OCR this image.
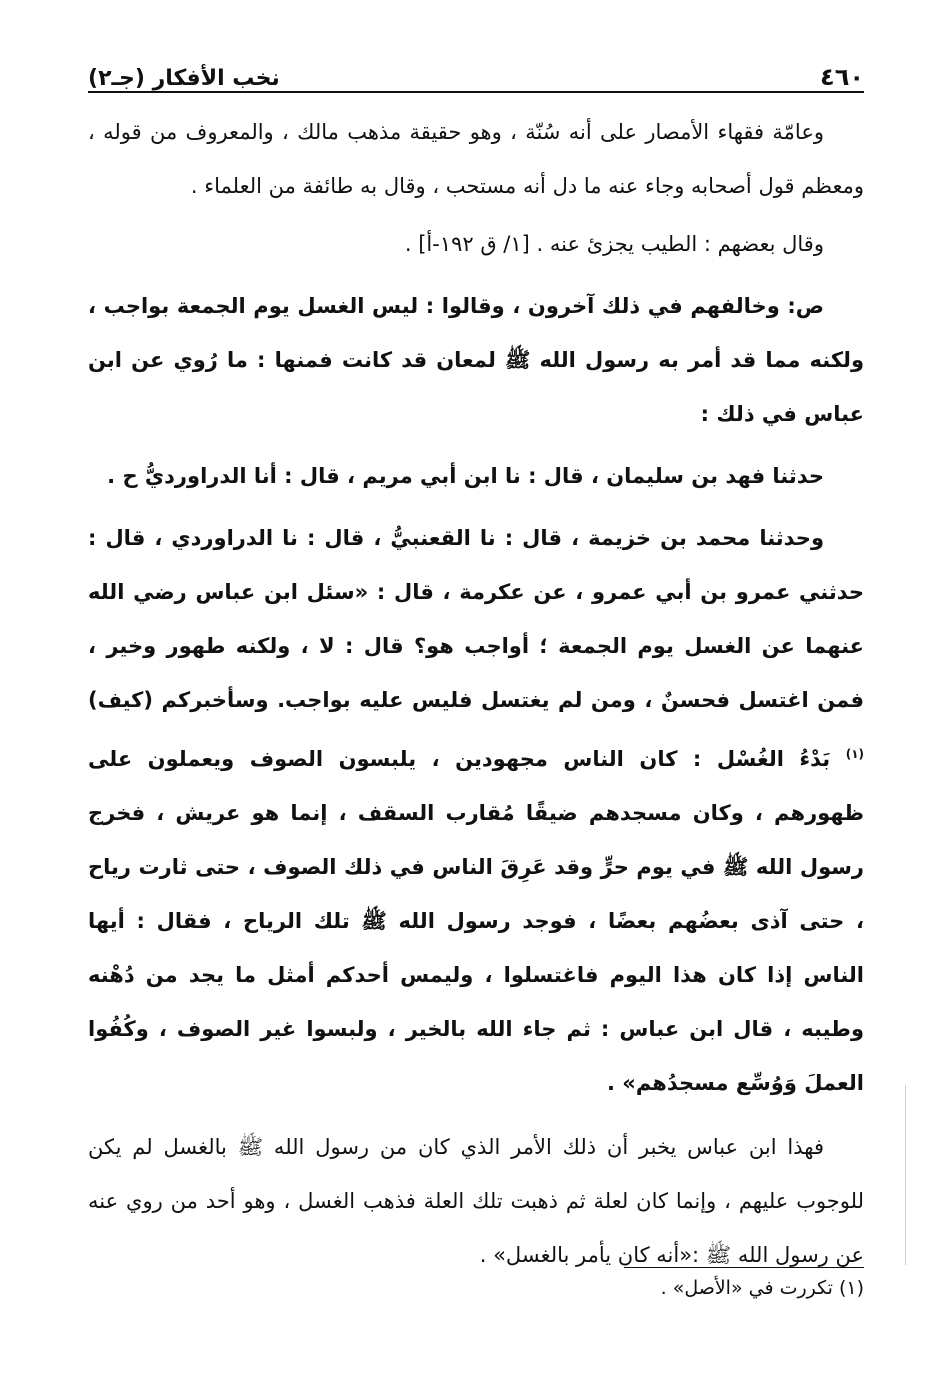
٤٦٠
نخب الأفكار (جـ٢)

وعامّة فقهاء الأمصار على أنه سُنّة ، وهو حقيقة مذهب مالك ، والمعروف من قوله ، ومعظم قول أصحابه وجاء عنه ما دل أنه مستحب ، وقال به طائفة من العلماء .

وقال بعضهم : الطيب يجزئ عنه . [١/ ق ١٩٢-أ] .

ص: وخالفهم في ذلك آخرون ، وقالوا : ليس الغسل يوم الجمعة بواجب ، ولكنه مما قد أمر به رسول الله ﷺ لمعان قد كانت فمنها : ما رُوي عن ابن عباس في ذلك :

حدثنا فهد بن سليمان ، قال : نا ابن أبي مريم ، قال : أنا الدراورديُّ ح .

وحدثنا محمد بن خزيمة ، قال : نا القعنبيُّ ، قال : نا الدراوردي ، قال : حدثني عمرو بن أبي عمرو ، عن عكرمة ، قال : «سئل ابن عباس رضي الله عنهما عن الغسل يوم الجمعة ؛ أواجب هو؟ قال : لا ، ولكنه طهور وخير ، فمن اغتسل فحسنٌ ، ومن لم يغتسل فليس عليه بواجب. وسأخبركم (كيف)$^{(١)}$ بَدْءُ الغُسْل : كان الناس مجهودين ، يلبسون الصوف ويعملون على ظهورهم ، وكان مسجدهم ضيقًا مُقارب السقف ، إنما هو عريش ، فخرج رسول الله ﷺ في يوم حرٍّ وقد عَرِقَ الناس في ذلك الصوف ، حتى ثارت رياح ، حتى آذى بعضُهم بعضًا ، فوجد رسول الله ﷺ تلك الرياح ، فقال : أيها الناس إذا كان هذا اليوم فاغتسلوا ، وليمس أحدكم أمثل ما يجد من دُهْنه وطيبه ، قال ابن عباس : ثم جاء الله بالخير ، ولبسوا غير الصوف ، وكُفُوا العملَ وَوُسِّع مسجدُهم» .

فهذا ابن عباس يخبر أن ذلك الأمر الذي كان من رسول الله ﷺ بالغسل لم يكن للوجوب عليهم ، وإنما كان لعلة ثم ذهبت تلك العلة فذهب الغسل ، وهو أحد من روي عنه عن رسول الله ﷺ :«أنه كان يأمر بالغسل» .

(١) تكررت في «الأصل» .
